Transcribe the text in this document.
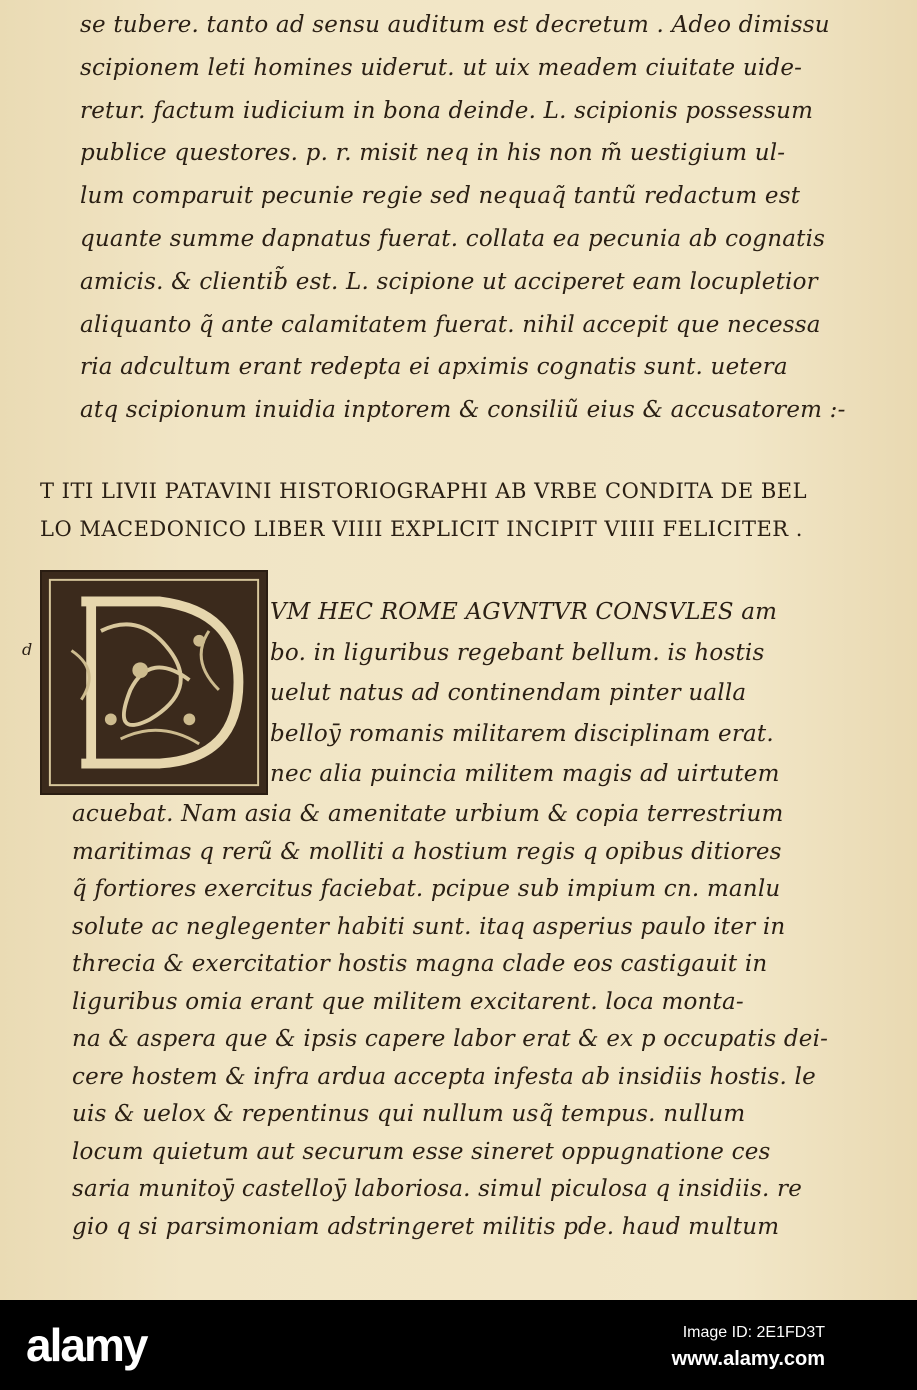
se tubere. tanto ad sensu auditum est decretum . Adeo dimissu
scipionem leti homines uiderut. ut uix meadem ciuitate uide-
retur. factum iudicium in bona deinde. L. scipionis possessum
publice questores. p. r. misit neq in his non m̃ uestigium ul-
lum comparuit pecunie regie sed nequaq̃ tantũ redactum est
quante summe dapnatus fuerat. collata ea pecunia ab cognatis
amicis. & clientib̃ est. L. scipione ut acciperet eam locupletior
aliquanto q̃ ante calamitatem fuerat. nihil accepit que necessa
ria adcultum erant redepta ei apximis cognatis sunt. uetera
atq scipionum inuidia inptorem & consiliũ eius & accusatorem :-
T ITI LIVII PATAVINI HISTORIOGRAPHI AB VRBE CONDITA DE BEL
LO MACEDONICO LIBER VIIII EXPLICIT INCIPIT VIIII FELICITER .
d
VM HEC ROME AGVNTVR CONSVLES am
bo. in liguribus regebant bellum. is hostis
uelut natus ad continendam pinter ualla
belloȳ romanis militarem disciplinam erat.
nec alia puincia militem magis ad uirtutem
acuebat. Nam asia & amenitate urbium & copia terrestrium
maritimas q rerũ & molliti a hostium regis q opibus ditiores
q̃ fortiores exercitus faciebat. pcipue sub impium cn. manlu
solute ac neglegenter habiti sunt. itaq asperius paulo iter in
threcia & exercitatior hostis magna clade eos castigauit in
liguribus omia erant que militem excitarent. loca monta-
na & aspera que & ipsis capere labor erat & ex p occupatis dei-
cere hostem & infra ardua accepta infesta ab insidiis hostis. le
uis & uelox & repentinus qui nullum usq̃ tempus. nullum
locum quietum aut securum esse sineret oppugnatione ces
saria munitoȳ castelloȳ laboriosa. simul piculosa q insidiis. re
gio q si parsimoniam adstringeret militis pde. haud multum
alamy	Image ID: 2E1FD3T
www.alamy.com
